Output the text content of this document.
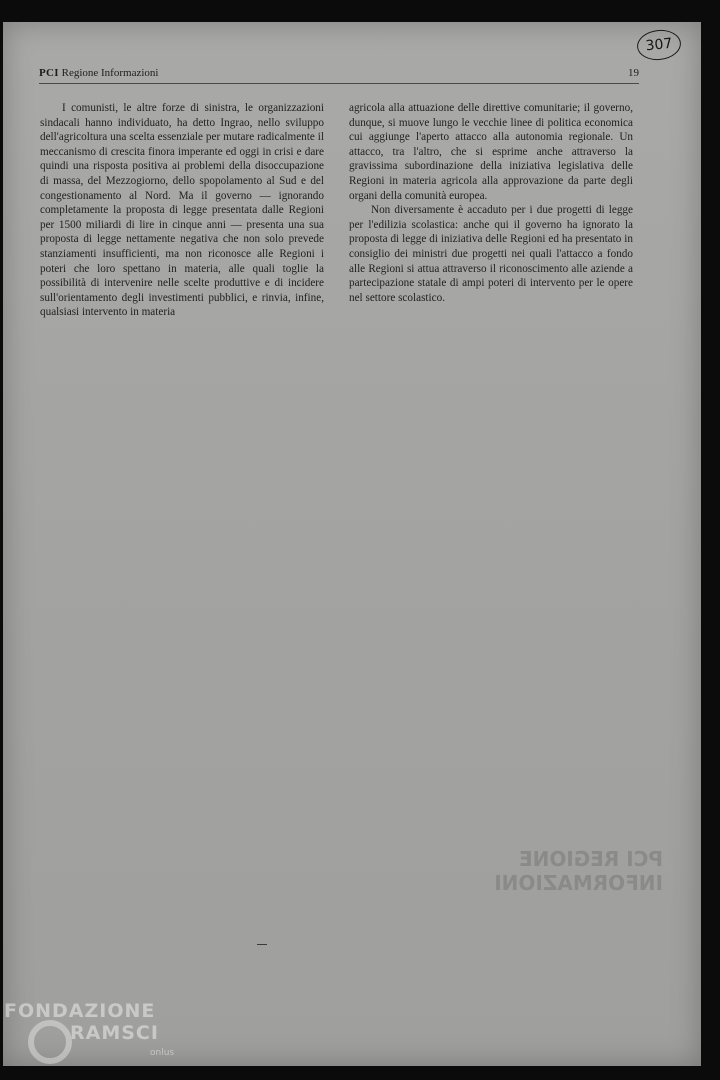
307
PCI Regione Informazioni	19

I comunisti, le altre forze di sinistra, le organizzazioni sindacali hanno individuato, ha detto Ingrao, nello sviluppo dell'agricoltura una scelta essenziale per mutare radicalmente il meccanismo di crescita finora imperante ed oggi in crisi e dare quindi una risposta positiva ai problemi della disoccupazione di massa, del Mezzogiorno, dello spopolamento al Sud e del congestionamento al Nord. Ma il governo — ignorando completamente la proposta di legge presentata dalle Regioni per 1500 miliardi di lire in cinque anni — presenta una sua proposta di legge nettamente negativa che non solo prevede stanziamenti insufficienti, ma non riconosce alle Regioni i poteri che loro spettano in materia, alle quali toglie la possibilità di intervenire nelle scelte produttive e di incidere sull'orientamento degli investimenti pubblici, e rinvia, infine, qualsiasi intervento in materia

agricola alla attuazione delle direttive comunitarie; il governo, dunque, si muove lungo le vecchie linee di politica economica cui aggiunge l'aperto attacco alla autonomia regionale. Un attacco, tra l'altro, che si esprime anche attraverso la gravissima subordinazione della iniziativa legislativa delle Regioni in materia agricola alla approvazione da parte degli organi della comunità europea.

Non diversamente è accaduto per i due progetti di legge per l'edilizia scolastica: anche qui il governo ha ignorato la proposta di legge di iniziativa delle Regioni ed ha presentato in consiglio dei ministri due progetti nei quali l'attacco a fondo alle Regioni si attua attraverso il riconoscimento alle aziende a partecipazione statale di ampi poteri di intervento per le opere nel settore scolastico.

PCI REGIONE
INFORMAZIONI
FONDAZIONE
RAMSCI
onlus
